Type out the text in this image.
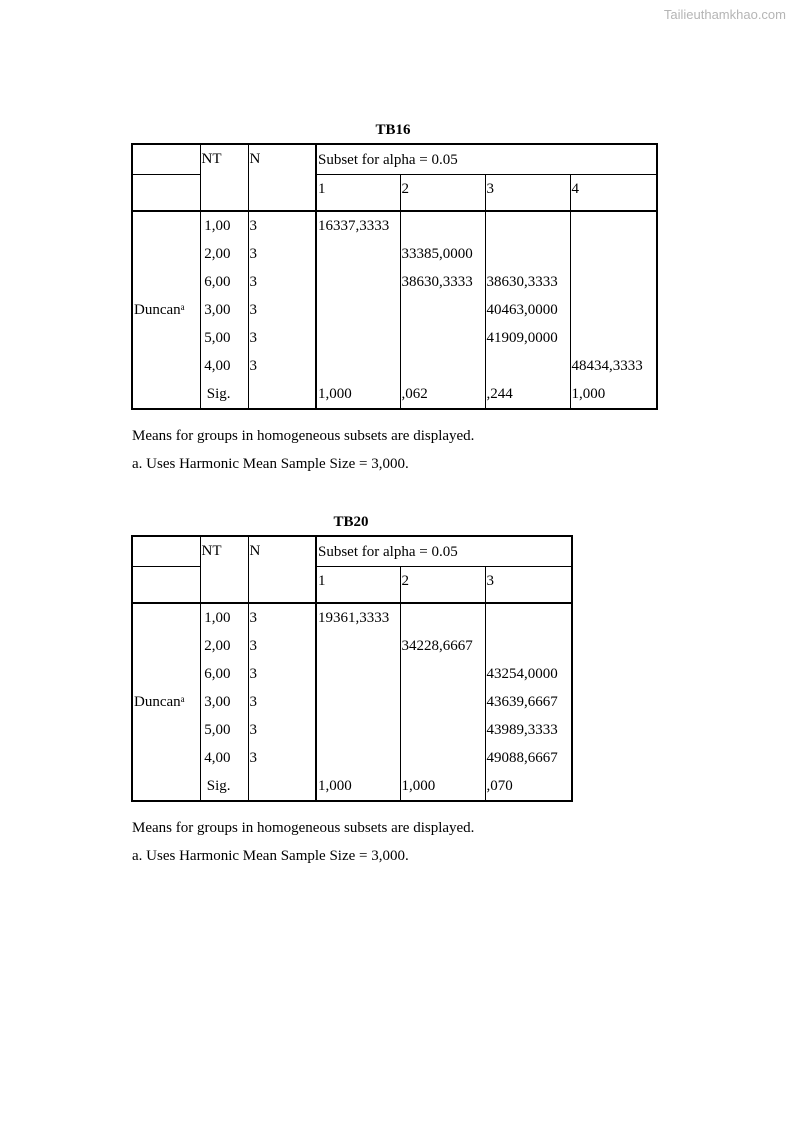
Tailieuthamkhao.com
TB16
	NT	N	Subset for alpha = 0.05			
			1	2	3	4
Duncan$^a$	1,00	3	16337,3333			
	2,00	3		33385,0000		
	6,00	3		38630,3333	38630,3333	
	3,00	3			40463,0000	
	5,00	3			41909,0000	
	4,00	3				48434,3333
	Sig.		1,000	,062	,244	1,000
Means for groups in homogeneous subsets are displayed.
a. Uses Harmonic Mean Sample Size = 3,000.
TB20
	NT	N	Subset for alpha = 0.05		
			1	2	3
Duncan$^a$	1,00	3	19361,3333		
	2,00	3		34228,6667	
	6,00	3			43254,0000
	3,00	3			43639,6667
	5,00	3			43989,3333
	4,00	3			49088,6667
	Sig.		1,000	1,000	,070
Means for groups in homogeneous subsets are displayed.
a. Uses Harmonic Mean Sample Size = 3,000.
